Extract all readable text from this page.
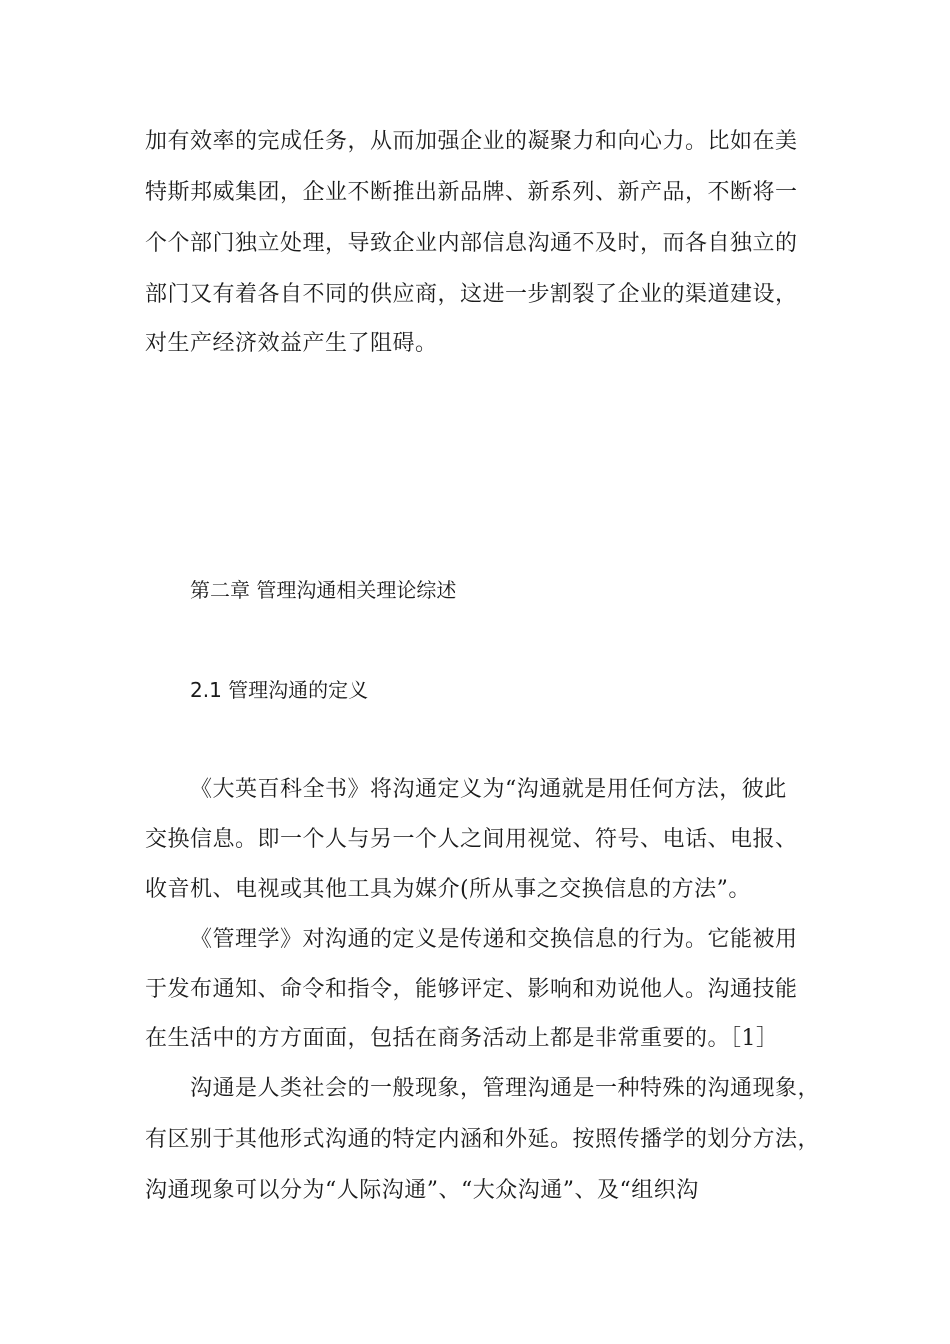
加有效率的完成任务，从而加强企业的凝聚力和向心力。比如在美
特斯邦威集团，企业不断推出新品牌、新系列、新产品，不断将一
个个部门独立处理，导致企业内部信息沟通不及时，而各自独立的
部门又有着各自不同的供应商，这进一步割裂了企业的渠道建设，
对生产经济效益产生了阻碍。
第二章 管理沟通相关理论综述
2.1 管理沟通的定义
《大英百科全书》将沟通定义为“沟通就是用任何方法，彼此
交换信息。即一个人与另一个人之间用视觉、符号、电话、电报、
收音机、电视或其他工具为媒介(所从事之交换信息的方法”。
《管理学》对沟通的定义是传递和交换信息的行为。它能被用
于发布通知、命令和指令，能够评定、影响和劝说他人。沟通技能
在生活中的方方面面，包括在商务活动上都是非常重要的。［1］
沟通是人类社会的一般现象，管理沟通是一种特殊的沟通现象，
有区别于其他形式沟通的特定内涵和外延。按照传播学的划分方法，
沟通现象可以分为“人际沟通”、“大众沟通”、及“组织沟
